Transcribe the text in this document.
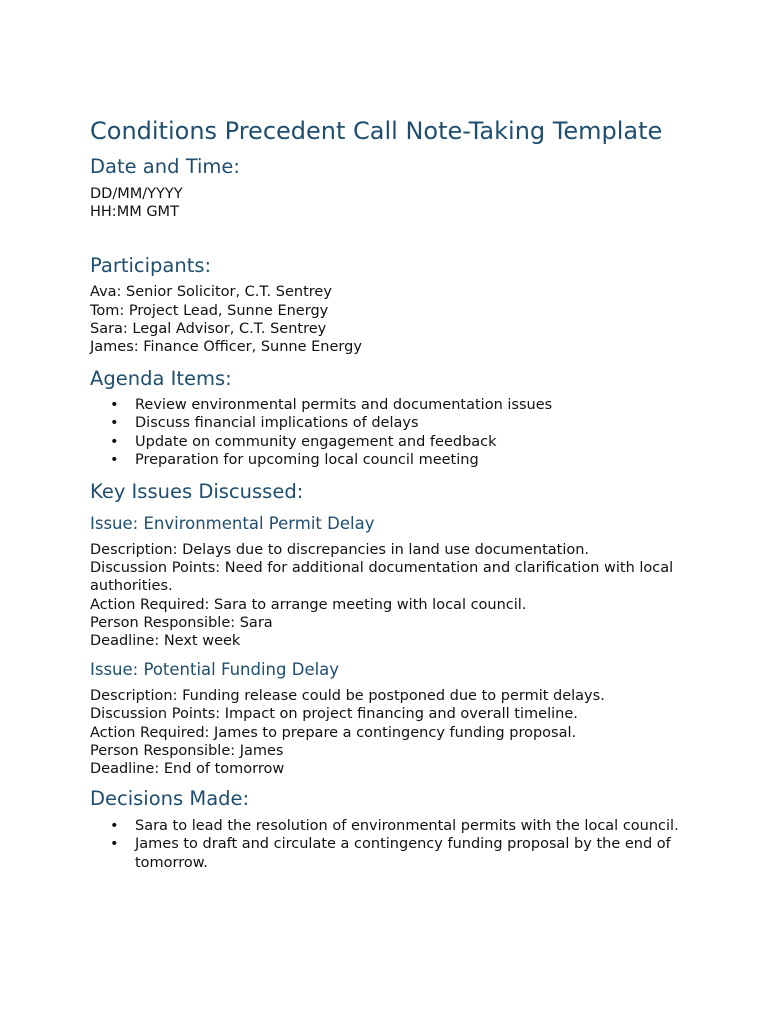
Conditions Precedent Call Note-Taking Template
Date and Time:

DD/MM/YYYY

HH:MM GMT

Participants:

Ava: Senior Solicitor, C.T. Sentrey

Tom: Project Lead, Sunne Energy

Sara: Legal Advisor, C.T. Sentrey

James: Finance Officer, Sunne Energy

Agenda Items:
• Review environmental permits and documentation issues
• Discuss financial implications of delays
• Update on community engagement and feedback
• Preparation for upcoming local council meeting
Key Issues Discussed:
Issue: Environmental Permit Delay

Description: Delays due to discrepancies in land use documentation.

Discussion Points: Need for additional documentation and clarification with local authorities.

Action Required: Sara to arrange meeting with local council.

Person Responsible: Sara

Deadline: Next week

Issue: Potential Funding Delay

Description: Funding release could be postponed due to permit delays.

Discussion Points: Impact on project financing and overall timeline.

Action Required: James to prepare a contingency funding proposal.

Person Responsible: James

Deadline: End of tomorrow

Decisions Made:
• Sara to lead the resolution of environmental permits with the local council.
• James to draft and circulate a contingency funding proposal by the end of tomorrow.
